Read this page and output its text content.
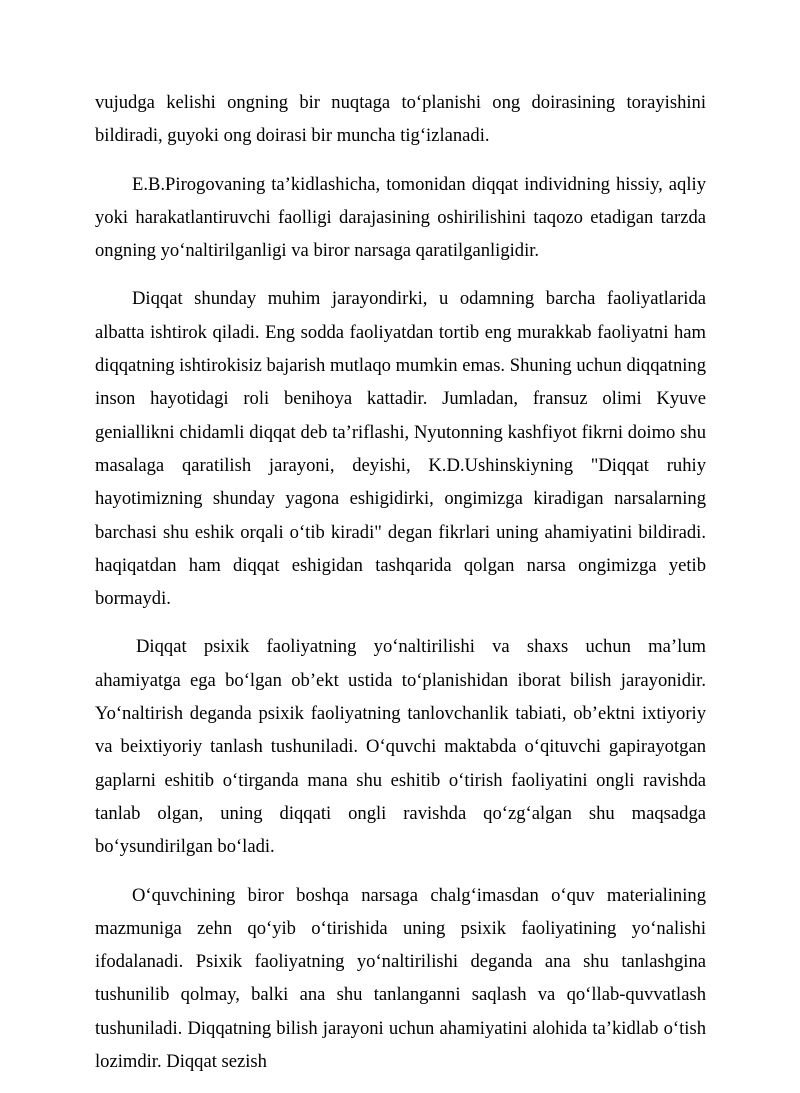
vujudga kelishi ongning bir nuqtaga to‘planishi ong doirasining torayishini bildiradi, guyoki ong doirasi bir muncha tig‘izlanadi.

E.B.Pirogovaning ta’kidlashicha, tomonidan diqqat individning hissiy, aqliy yoki harakatlantiruvchi faolligi darajasining oshirilishini taqozo etadigan tarzda ongning yo‘naltirilganligi va biror narsaga qaratilganligidir.

Diqqat shunday muhim jarayondirki, u odamning barcha faoliyatlarida albatta ishtirok qiladi. Eng sodda faoliyatdan tortib eng murakkab faoliyatni ham diqqatning ishtirokisiz bajarish mutlaqo mumkin emas. Shuning uchun diqqatning inson hayotidagi roli benihoya kattadir. Jumladan, fransuz olimi Kyuve geniallikni chidamli diqqat deb ta’riflashi, Nyutonning kashfiyot fikrni doimo shu masalaga qaratilish jarayoni, deyishi, K.D.Ushinskiyning "Diqqat ruhiy hayotimizning shunday yagona eshigidirki, ongimizga kiradigan narsalarning barchasi shu eshik orqali o‘tib kiradi" degan fikrlari uning ahamiyatini bildiradi. haqiqatdan ham diqqat eshigidan tashqarida qolgan narsa ongimizga yetib bormaydi.

Diqqat psixik faoliyatning yo‘naltirilishi va shaxs uchun ma’lum ahamiyatga ega bo‘lgan ob’ekt ustida to‘planishidan iborat bilish jarayonidir. Yo‘naltirish deganda psixik faoliyatning tanlovchanlik tabiati, ob’ektni ixtiyoriy va beixtiyoriy tanlash tushuniladi. O‘quvchi maktabda o‘qituvchi gapirayotgan gaplarni eshitib o‘tirganda mana shu eshitib o‘tirish faoliyatini ongli ravishda tanlab olgan, uning diqqati ongli ravishda qo‘zg‘algan shu maqsadga bo‘ysundirilgan bo‘ladi.

O‘quvchining biror boshqa narsaga chalg‘imasdan o‘quv materialining mazmuniga zehn qo‘yib o‘tirishida uning psixik faoliyatining yo‘nalishi ifodalanadi. Psixik faoliyatning yo‘naltirilishi deganda ana shu tanlashgina tushunilib qolmay, balki ana shu tanlanganni saqlash va qo‘llab-quvvatlash tushuniladi. Diqqatning bilish jarayoni uchun ahamiyatini alohida ta’kidlab o‘tish lozimdir. Diqqat sezish
